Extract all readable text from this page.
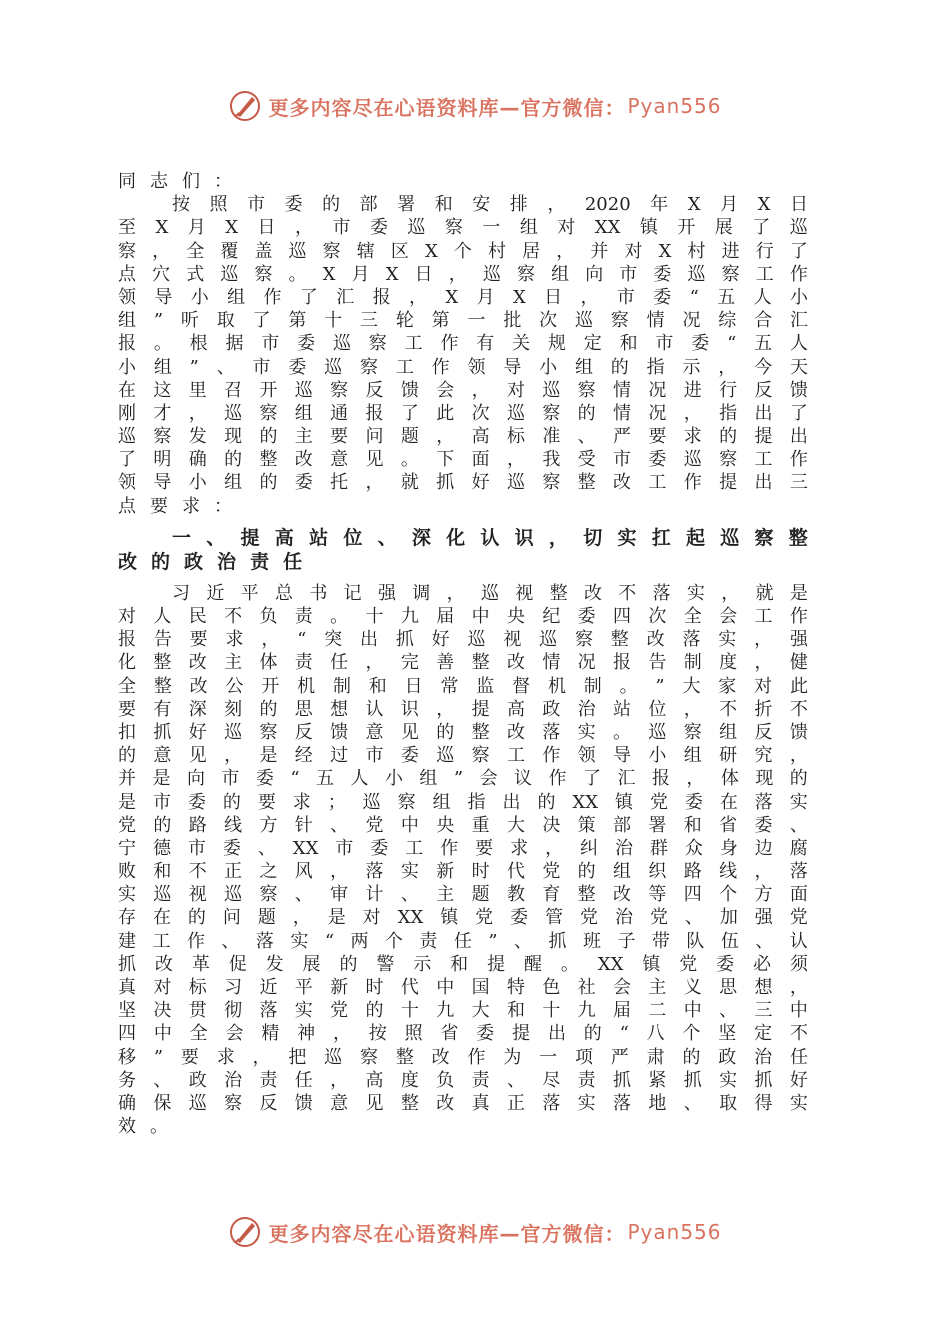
更多内容尽在心语资料库—官方微信： Pyan556
同 志 们 ：
按 照 市 委 的 部 署 和 安 排 ， 2020 年 X 月 X 日
至 X 月 X 日 ， 市 委 巡 察 一 组 对 XX 镇 开 展 了 巡
察 ， 全 覆 盖 巡 察 辖 区 X 个 村 居 ， 并 对 X 村 进 行 了
点 穴 式 巡 察 。 X 月 X 日 ， 巡 察 组 向 市 委 巡 察 工 作
领 导 小 组 作 了 汇 报 ， X 月 X 日 ， 市 委 “ 五 人 小
组 ” 听 取 了 第 十 三 轮 第 一 批 次 巡 察 情 况 综 合 汇
报 。 根 据 市 委 巡 察 工 作 有 关 规 定 和 市 委 “ 五 人
小 组 ” 、 市 委 巡 察 工 作 领 导 小 组 的 指 示 ， 今 天
在 这 里 召 开 巡 察 反 馈 会 ， 对 巡 察 情 况 进 行 反 馈
刚 才 ， 巡 察 组 通 报 了 此 次 巡 察 的 情 况 ， 指 出 了
巡 察 发 现 的 主 要 问 题 ， 高 标 准 、 严 要 求 的 提 出
了 明 确 的 整 改 意 见 。 下 面 ， 我 受 市 委 巡 察 工 作
领 导 小 组 的 委 托 ， 就 抓 好 巡 察 整 改 工 作 提 出 三
点 要 求 ：
一 、 提 高 站 位 、 深 化 认 识 ， 切 实 扛 起 巡 察 整
改 的 政 治 责 任
习 近 平 总 书 记 强 调 ， 巡 视 整 改 不 落 实 ， 就 是
对 人 民 不 负 责 。 十 九 届 中 央 纪 委 四 次 全 会 工 作
报 告 要 求 ， “ 突 出 抓 好 巡 视 巡 察 整 改 落 实 ， 强
化 整 改 主 体 责 任 ， 完 善 整 改 情 况 报 告 制 度 ， 健
全 整 改 公 开 机 制 和 日 常 监 督 机 制 。 ” 大 家 对 此
要 有 深 刻 的 思 想 认 识 ， 提 高 政 治 站 位 ， 不 折 不
扣 抓 好 巡 察 反 馈 意 见 的 整 改 落 实 。 巡 察 组 反 馈
的 意 见 ， 是 经 过 市 委 巡 察 工 作 领 导 小 组 研 究 ，
并 是 向 市 委 “ 五 人 小 组 ” 会 议 作 了 汇 报 ， 体 现 的
是 市 委 的 要 求 ； 巡 察 组 指 出 的 XX 镇 党 委 在 落 实
党 的 路 线 方 针 、 党 中 央 重 大 决 策 部 署 和 省 委 、
宁 德 市 委 、 XX 市 委 工 作 要 求 ， 纠 治 群 众 身 边 腐
败 和 不 正 之 风 ， 落 实 新 时 代 党 的 组 织 路 线 ， 落
实 巡 视 巡 察 、 审 计 、 主 题 教 育 整 改 等 四 个 方 面
存 在 的 问 题 ， 是 对 XX 镇 党 委 管 党 治 党 、 加 强 党
建 工 作 、 落 实 “ 两 个 责 任 ” 、 抓 班 子 带 队 伍 、 认
抓 改 革 促 发 展 的 警 示 和 提 醒 。 XX 镇 党 委 必 须
真 对 标 习 近 平 新 时 代 中 国 特 色 社 会 主 义 思 想 ，
坚 决 贯 彻 落 实 党 的 十 九 大 和 十 九 届 二 中 、 三 中
四 中 全 会 精 神 ， 按 照 省 委 提 出 的 “ 八 个 坚 定 不
移 ” 要 求 ， 把 巡 察 整 改 作 为 一 项 严 肃 的 政 治 任
务 、 政 治 责 任 ， 高 度 负 责 、 尽 责 抓 紧 抓 实 抓 好
确 保 巡 察 反 馈 意 见 整 改 真 正 落 实 落 地 、 取 得 实
效 。
更多内容尽在心语资料库—官方微信： Pyan556
